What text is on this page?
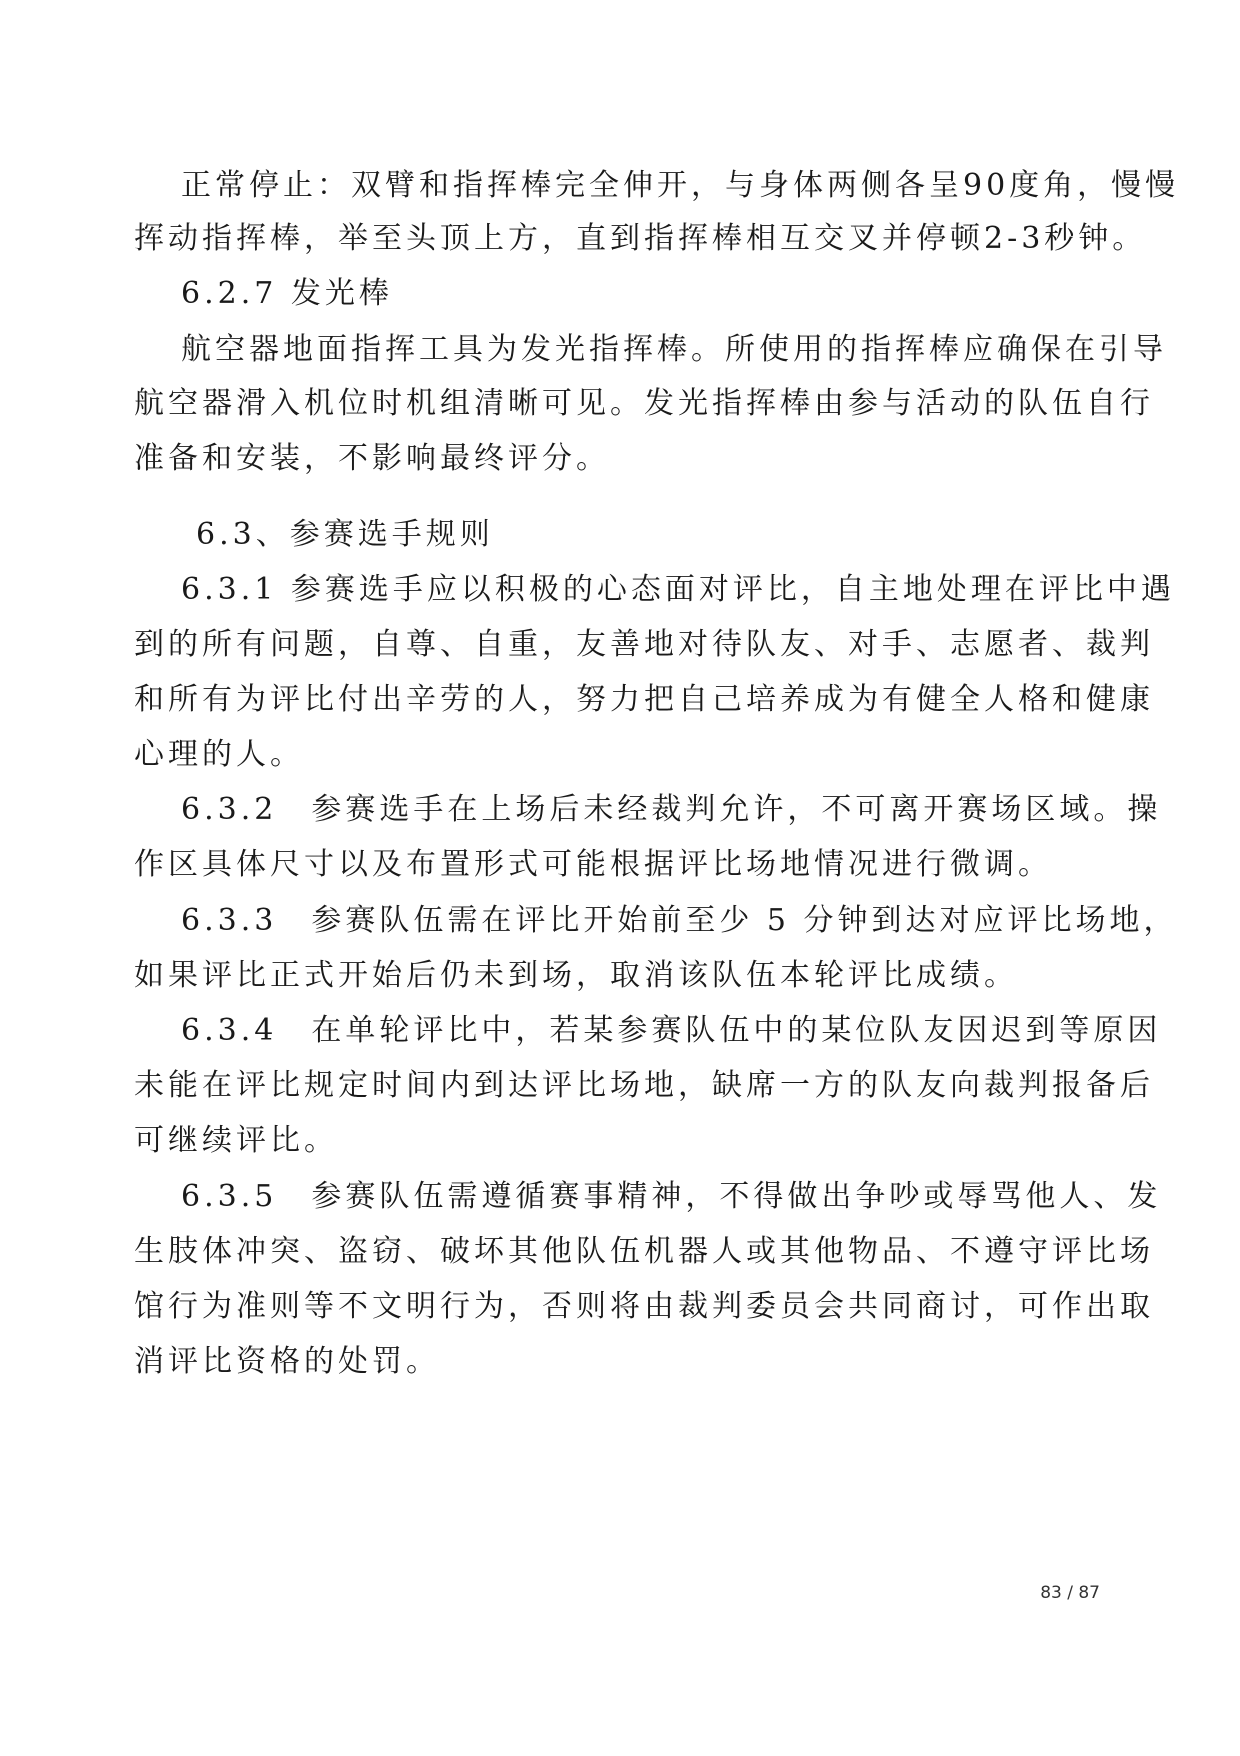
正常停止：双臂和指挥棒完全伸开，与身体两侧各呈90度角，慢慢
挥动指挥棒，举至头顶上方，直到指挥棒相互交叉并停顿2-3秒钟。
6.2.7 发光棒
航空器地面指挥工具为发光指挥棒。所使用的指挥棒应确保在引导
航空器滑入机位时机组清晰可见。发光指挥棒由参与活动的队伍自行
准备和安装，不影响最终评分。
6.3、参赛选手规则
6.3.1 参赛选手应以积极的心态面对评比，自主地处理在评比中遇
到的所有问题，自尊、自重，友善地对待队友、对手、志愿者、裁判
和所有为评比付出辛劳的人，努力把自己培养成为有健全人格和健康
心理的人。
6.3.2　参赛选手在上场后未经裁判允许，不可离开赛场区域。操
作区具体尺寸以及布置形式可能根据评比场地情况进行微调。
6.3.3　参赛队伍需在评比开始前至少 5 分钟到达对应评比场地，
如果评比正式开始后仍未到场，取消该队伍本轮评比成绩。
6.3.4　在单轮评比中，若某参赛队伍中的某位队友因迟到等原因
未能在评比规定时间内到达评比场地，缺席一方的队友向裁判报备后
可继续评比。
6.3.5　参赛队伍需遵循赛事精神，不得做出争吵或辱骂他人、发
生肢体冲突、盗窃、破坏其他队伍机器人或其他物品、不遵守评比场
馆行为准则等不文明行为，否则将由裁判委员会共同商讨，可作出取
消评比资格的处罚。
83 / 87
